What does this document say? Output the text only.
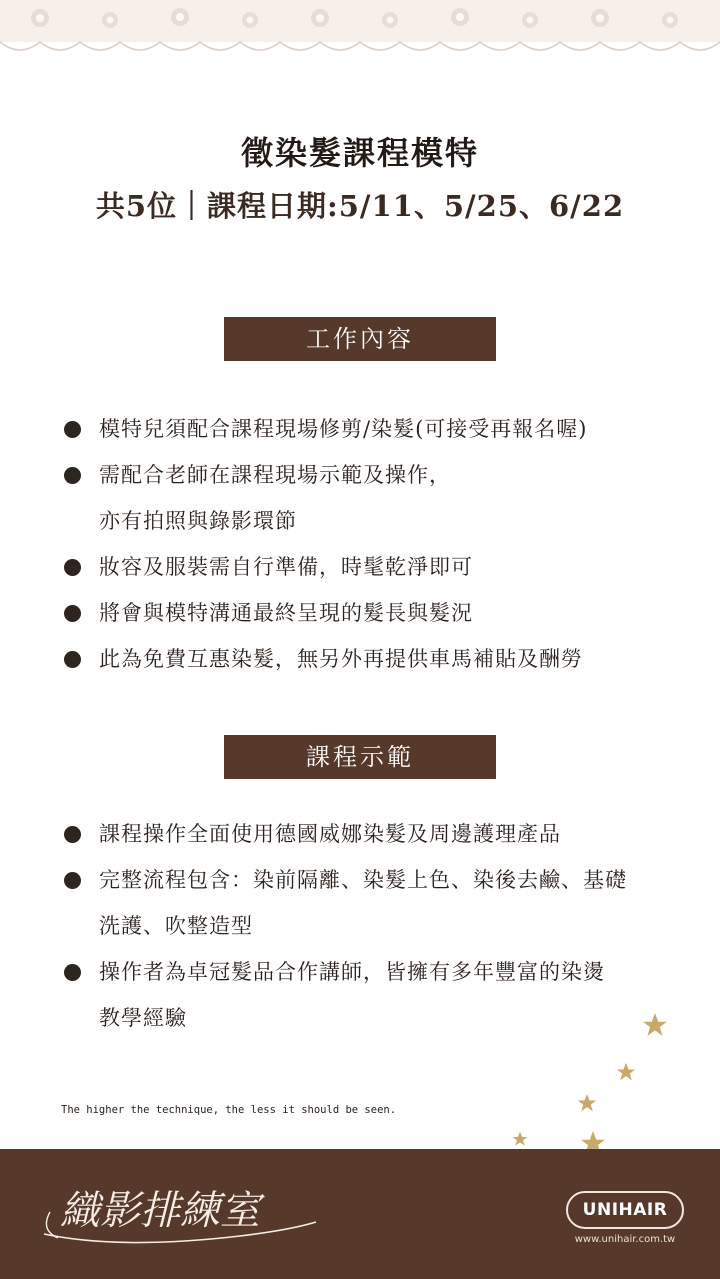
徵染髮課程模特
共5位｜課程日期:5/11、5/25、6/22
工作內容
模特兒須配合課程現場修剪/染髮(可接受再報名喔)
需配合老師在課程現場示範及操作，
亦有拍照與錄影環節
妝容及服裝需自行準備，時髦乾淨即可
將會與模特溝通最終呈現的髮長與髮況
此為免費互惠染髮，無另外再提供車馬補貼及酬勞
課程示範
課程操作全面使用德國威娜染髮及周邊護理產品
完整流程包含：染前隔離、染髮上色、染後去鹼、基礎
洗護、吹整造型
操作者為卓冠髮品合作講師，皆擁有多年豐富的染燙
教學經驗
The higher the technique, the less it should be seen.
織影排練室	UNIHAIR
www.unihair.com.tw
